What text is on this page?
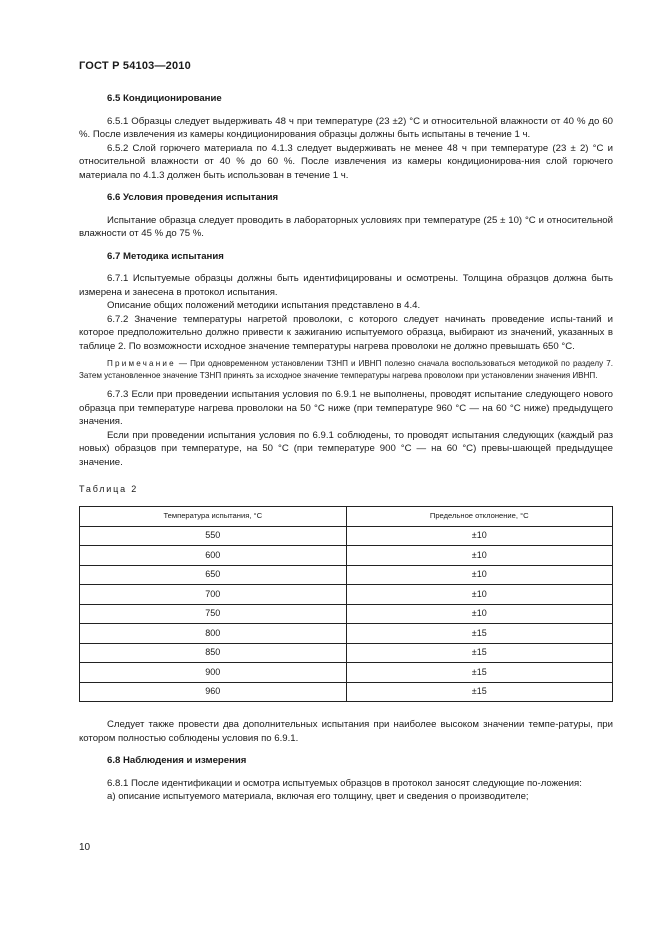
ГОСТ Р 54103—2010
6.5 Кондиционирование

6.5.1 Образцы следует выдерживать 48 ч при температуре (23 ±2) °C и относительной влажности от 40 % до 60 %. После извлечения из камеры кондиционирования образцы должны быть испытаны в течение 1 ч.

6.5.2 Слой горючего материала по 4.1.3 следует выдерживать не менее 48 ч при температуре (23 ± 2) °C и относительной влажности от 40 % до 60 %. После извлечения из камеры кондиционирова-ния слой горючего материала по 4.1.3 должен быть использован в течение 1 ч.

6.6 Условия проведения испытания

Испытание образца следует проводить в лабораторных условиях при температуре (25 ± 10) °C и относительной влажности от 45 % до 75 %.

6.7 Методика испытания

6.7.1 Испытуемые образцы должны быть идентифицированы и осмотрены. Толщина образцов должна быть измерена и занесена в протокол испытания.

Описание общих положений методики испытания представлено в 4.4.

6.7.2 Значение температуры нагретой проволоки, с которого следует начинать проведение испы-таний и которое предположительно должно привести к зажиганию испытуемого образца, выбирают из значений, указанных в таблице 2. По возможности исходное значение температуры нагрева проволоки не должно превышать 650 °C.

Примечание — При одновременном установлении ТЗНП и ИВНП полезно сначала воспользоваться методикой по разделу 7. Затем установленное значение ТЗНП принять за исходное значение температуры нагрева проволоки при установлении значения ИВНП.

6.7.3 Если при проведении испытания условия по 6.9.1 не выполнены, проводят испытание следующего нового образца при температуре нагрева проволоки на 50 °C ниже (при температуре 960 °C — на 60 °C ниже) предыдущего значения.

Если при проведении испытания условия по 6.9.1 соблюдены, то проводят испытания следующих (каждый раз новых) образцов при температуре, на 50 °C (при температуре 900 °C — на 60 °C) превы-шающей предыдущее значение.

Таблица 2
Температура испытания, °C	Предельное отклонение, °C
550	±10
600	±10
650	±10
700	±10
750	±10
800	±15
850	±15
900	±15
960	±15

Следует также провести два дополнительных испытания при наиболее высоком значении темпе-ратуры, при котором полностью соблюдены условия по 6.9.1.

6.8 Наблюдения и измерения

6.8.1 После идентификации и осмотра испытуемых образцов в протокол заносят следующие по-ложения:

а) описание испытуемого материала, включая его толщину, цвет и сведения о производителе;

10
